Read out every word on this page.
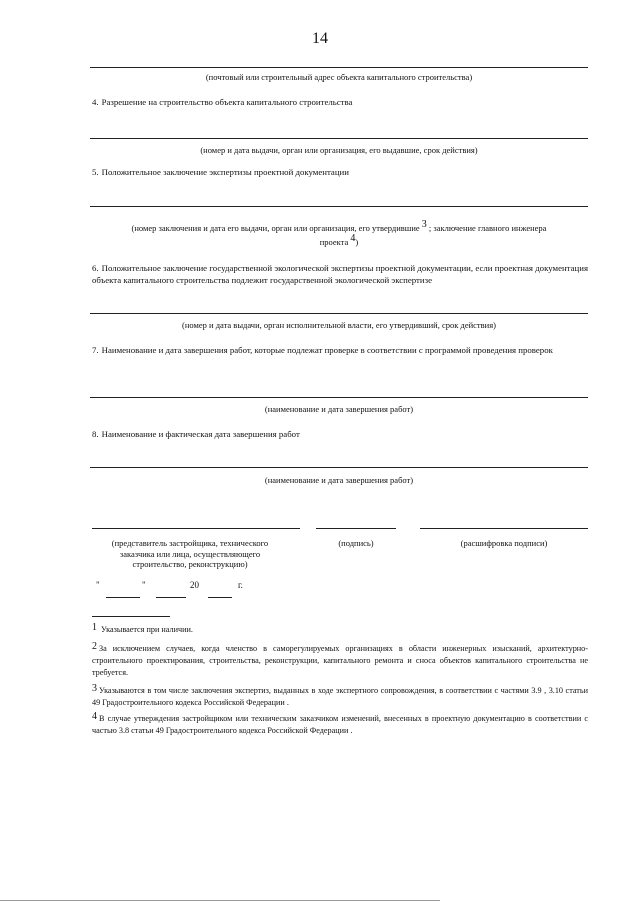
14
(почтовый или строительный адрес объекта капитального строительства)
4. Разрешение на строительство объекта капитального строительства
(номер и дата выдачи, орган или организация, его выдавшие, срок действия)
5. Положительное заключение экспертизы проектной документации
(номер заключения и дата его выдачи, орган или организация, его утвердившие $^3$ ; заключение главного инженера
проекта $^4$)
6. Положительное заключение государственной экологической экспертизы проектной документации, если проектная документация объекта капитального строительства подлежит государственной экологической экспертизе
(номер и дата выдачи, орган исполнительной власти, его утвердивший, срок действия)
7. Наименование и дата завершения работ, которые подлежат проверке в соответствии с программой проведения проверок
(наименование и дата завершения работ)
8. Наименование и фактическая дата завершения работ
(наименование и дата завершения работ)
(представитель застройщика, технического заказчика или лица, осуществляющего строительство, реконструкцию)
(подпись)	(расшифровка подписи)
"	"	20	г.
$^1$ Указывается при наличии.
$^2$ За исключением случаев, когда членство в саморегулируемых организациях в области инженерных изысканий, архитектурно-строительного проектирования, строительства, реконструкции, капитального ремонта и сноса объектов капитального строительства не требуется.
$^3$ Указываются в том числе заключения экспертиз, выданных в ходе экспертного сопровождения, в соответствии с частями 3.9 , 3.10 статьи 49 Градостроительного кодекса Российской Федерации .
$^4$ В случае утверждения застройщиком или техническим заказчиком изменений, внесенных в проектную документацию в соответствии с частью 3.8 статьи 49 Градостроительного кодекса Российской Федерации .
